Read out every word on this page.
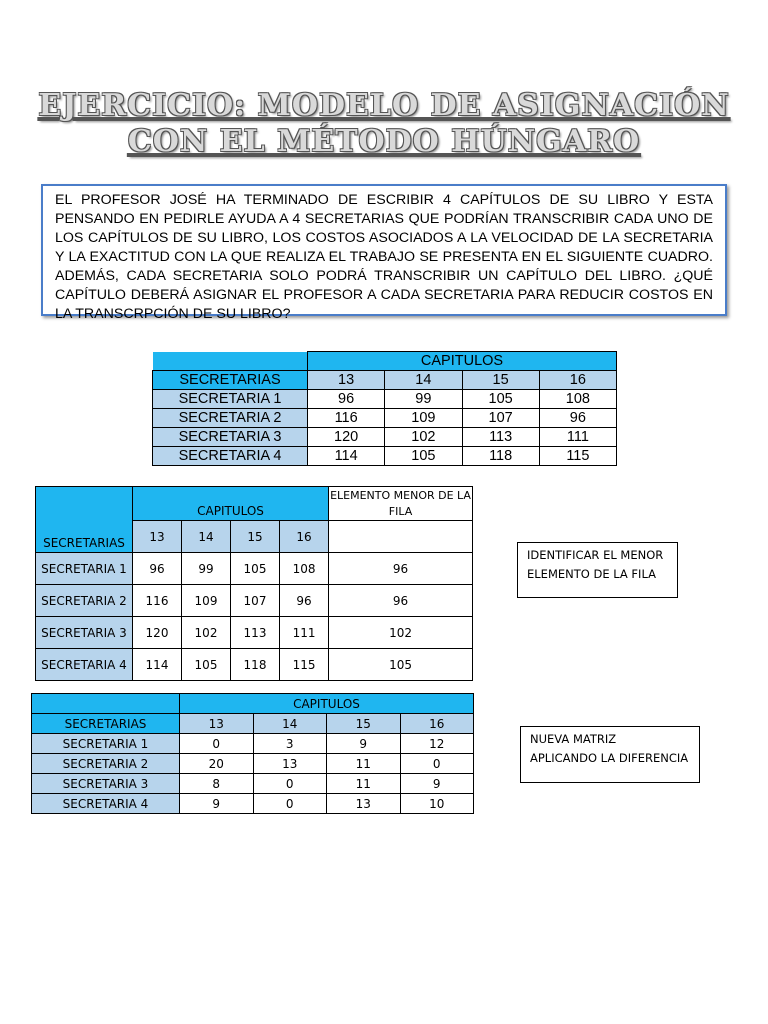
EJERCICIO: MODELO DE ASIGNACIÓN
CON EL MÉTODO HÚNGARO
EL PROFESOR JOSÉ HA TERMINADO DE ESCRIBIR 4 CAPÍTULOS DE SU LIBRO Y ESTA PENSANDO EN PEDIRLE AYUDA A 4 SECRETARIAS QUE PODRÍAN TRANSCRIBIR CADA UNO DE LOS CAPÍTULOS DE SU LIBRO, LOS COSTOS ASOCIADOS A LA VELOCIDAD DE LA SECRETARIA Y LA EXACTITUD CON LA QUE REALIZA EL TRABAJO SE PRESENTA EN EL SIGUIENTE CUADRO. ADEMÁS, CADA SECRETARIA SOLO PODRÁ TRANSCRIBIR UN CAPÍTULO DEL LIBRO. ¿QUÉ CAPÍTULO DEBERÁ ASIGNAR EL PROFESOR A CADA SECRETARIA PARA REDUCIR COSTOS EN LA TRANSCRPCIÓN DE SU LIBRO?
	CAPITULOS			
SECRETARIAS	13	14	15	16
SECRETARIA 1	96	99	105	108
SECRETARIA 2	116	109	107	96
SECRETARIA 3	120	102	113	111
SECRETARIA 4	114	105	118	115
SECRETARIAS	CAPITULOS				ELEMENTO MENOR DE LA FILA
	13	14	15	16	
SECRETARIA 1	96	99	105	108	96
SECRETARIA 2	116	109	107	96	96
SECRETARIA 3	120	102	113	111	102
SECRETARIA 4	114	105	118	115	105
IDENTIFICAR EL MENOR
ELEMENTO DE LA FILA
	CAPITULOS			
SECRETARIAS	13	14	15	16
SECRETARIA 1	0	3	9	12
SECRETARIA 2	20	13	11	0
SECRETARIA 3	8	0	11	9
SECRETARIA 4	9	0	13	10
NUEVA MATRIZ
APLICANDO LA DIFERENCIA
